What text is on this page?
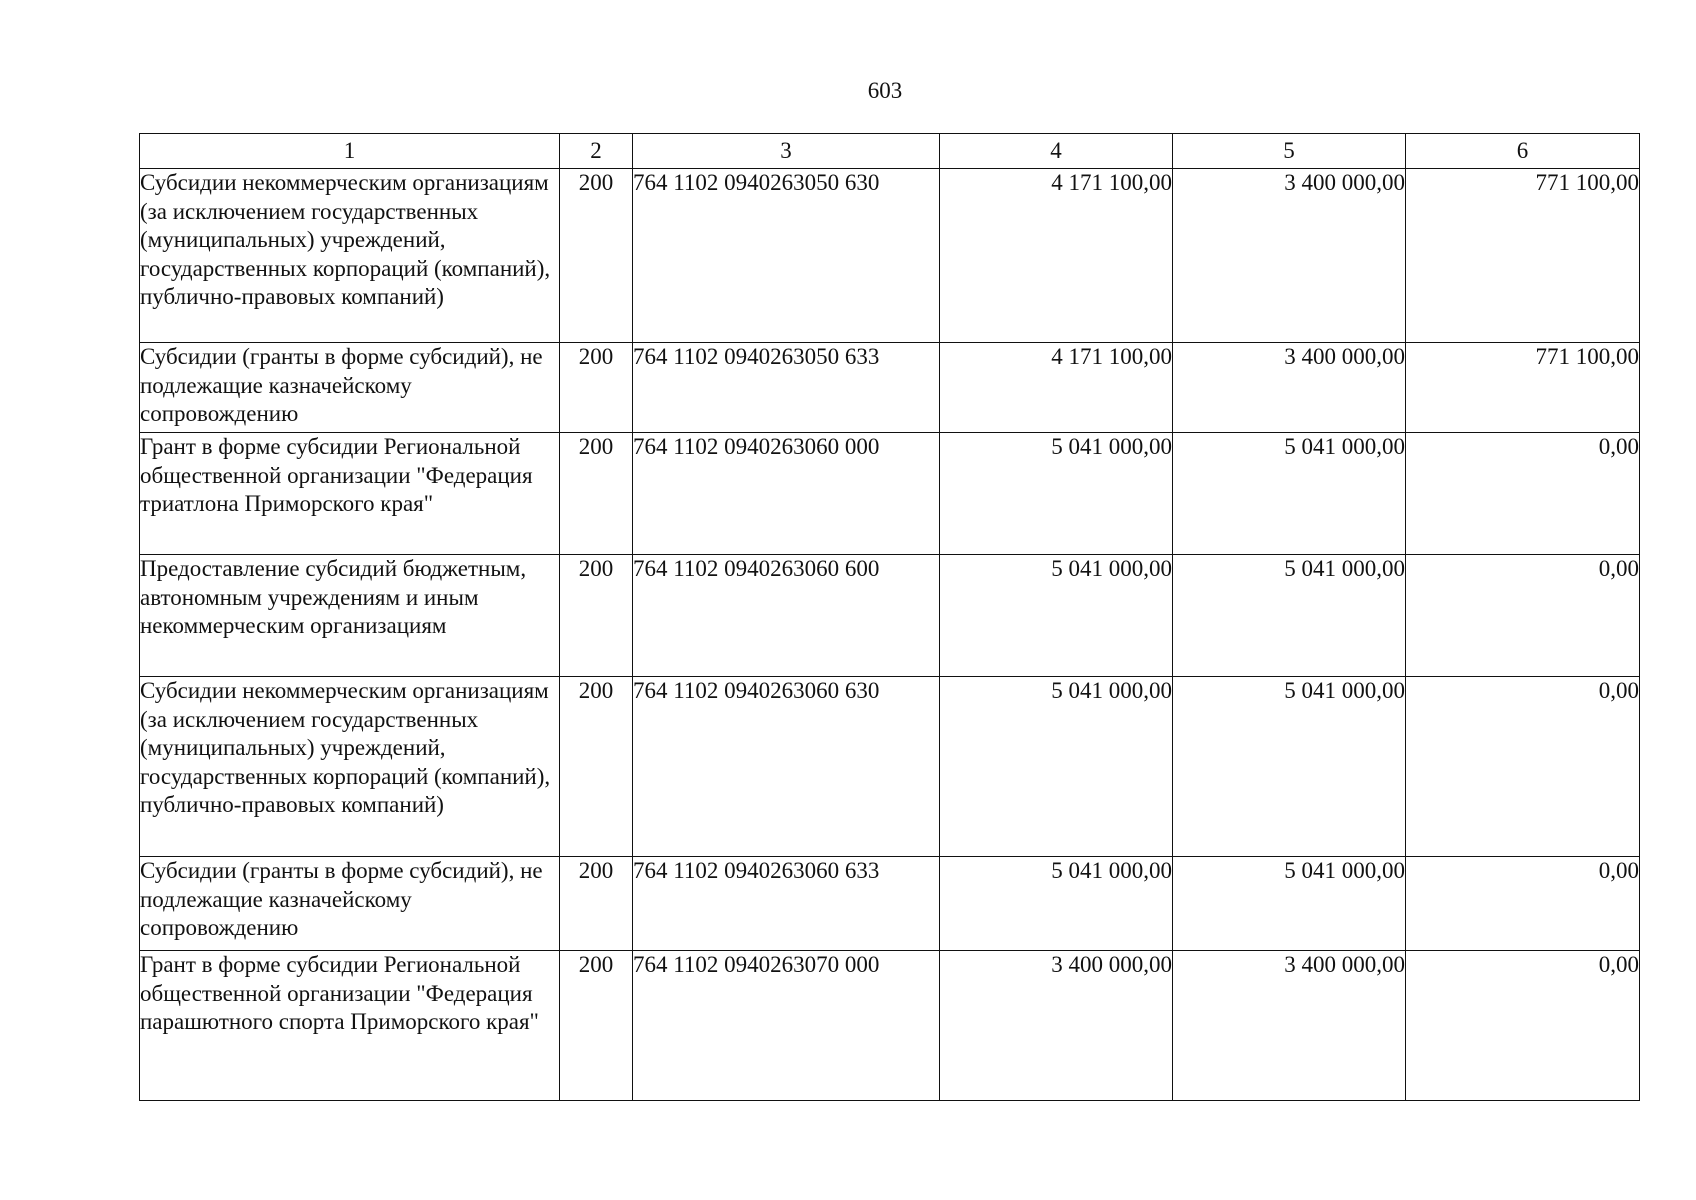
603
1	2	3	4	5	6
Субсидии некоммерческим организациям (за исключением государственных (муниципальных) учреждений, государственных корпораций (компаний), публично-правовых компаний)	200	764 1102 0940263050 630	4 171 100,00	3 400 000,00	771 100,00
Субсидии (гранты в форме субсидий), не подлежащие казначейскому сопровождению	200	764 1102 0940263050 633	4 171 100,00	3 400 000,00	771 100,00
Грант в форме субсидии Региональной общественной организации "Федерация триатлона Приморского края"	200	764 1102 0940263060 000	5 041 000,00	5 041 000,00	0,00
Предоставление субсидий бюджетным, автономным учреждениям и иным некоммерческим организациям	200	764 1102 0940263060 600	5 041 000,00	5 041 000,00	0,00
Субсидии некоммерческим организациям (за исключением государственных (муниципальных) учреждений, государственных корпораций (компаний), публично-правовых компаний)	200	764 1102 0940263060 630	5 041 000,00	5 041 000,00	0,00
Субсидии (гранты в форме субсидий), не подлежащие казначейскому сопровождению	200	764 1102 0940263060 633	5 041 000,00	5 041 000,00	0,00
Грант в форме субсидии Региональной общественной организации "Федерация парашютного спорта Приморского края"	200	764 1102 0940263070 000	3 400 000,00	3 400 000,00	0,00
